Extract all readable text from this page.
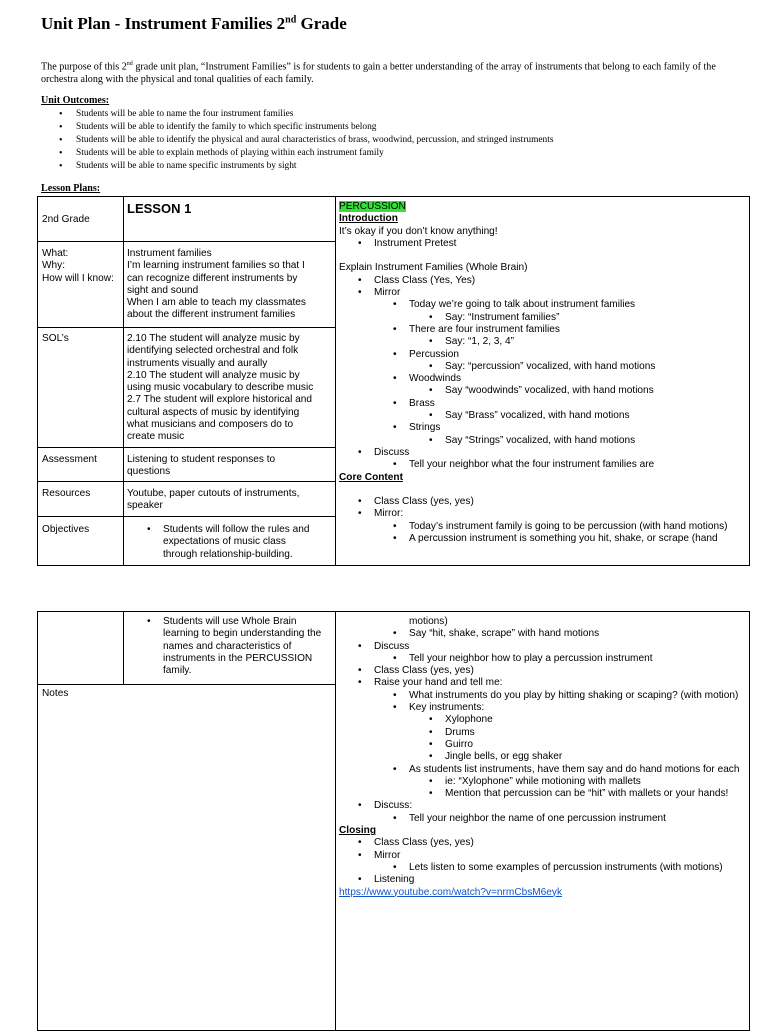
Unit Plan - Instrument Families 2nd Grade
The purpose of this 2nd grade unit plan, “Instrument Families” is for students to gain a better understanding of the array of instruments that belong to each family of the orchestra along with the physical and tonal qualities of each family.
Unit Outcomes:
• Students will be able to name the four instrument families
• Students will be able to identify the family to which specific instruments belong
• Students will be able to identify the physical and aural characteristics of brass, woodwind, percussion, and stringed instruments
• Students will be able to explain methods of playing within each instrument family
• Students will be able to name specific instruments by sight
Lesson Plans:
2nd Grade
LESSON 1
What:
Why:
How will I know:
Instrument families
I’m learning instrument families so that I
can recognize different instruments by
sight and sound
When I am able to teach my classmates
about the different instrument families
SOL’s	2.10 The student will analyze music by
identifying selected orchestral and folk
instruments visually and aurally
2.10 The student will analyze music by
using music vocabulary to describe music
2.7 The student will explore historical and
cultural aspects of music by identifying
what musicians and composers do to
create music
Assessment	Listening to student responses to
questions
Resources	Youtube, paper cutouts of instruments,
speaker
Objectives
•	Students will follow the rules and
expectations of music class
through relationship-building.
PERCUSSION
Introduction
It’s okay if you don’t know anything!
• Instrument Pretest
Explain Instrument Families (Whole Brain)
• Class Class (Yes, Yes)
• Mirror
• Today we’re going to talk about instrument families
• Say: “Instrument families”
• There are four instrument families
• Say: “1, 2, 3, 4”
• Percussion
• Say: “percussion” vocalized, with hand motions
• Woodwinds
• Say “woodwinds” vocalized, with hand motions
• Brass
• Say “Brass” vocalized, with hand motions
• Strings
• Say “Strings” vocalized, with hand motions
• Discuss
• Tell your neighbor what the four instrument families are
Core Content
• Class Class (yes, yes)
• Mirror:
• Today’s instrument family is going to be percussion (with hand motions)
• A percussion instrument is something you hit, shake, or scrape (hand
• Students will use Whole Brain
learning to begin understanding the
names and characteristics of
instruments in the PERCUSSION
family.
Notes
motions)
• Say “hit, shake, scrape” with hand motions
• Discuss
• Tell your neighbor how to play a percussion instrument
• Class Class (yes, yes)
• Raise your hand and tell me:
• What instruments do you play by hitting shaking or scaping? (with motion)
• Key instruments:
• Xylophone
• Drums
• Guirro
• Jingle bells, or egg shaker
• As students list instruments, have them say and do hand motions for each
• ie: “Xylophone” while motioning with mallets
• Mention that percussion can be “hit” with mallets or your hands!
• Discuss:
• Tell your neighbor the name of one percussion instrument
Closing
• Class Class (yes, yes)
• Mirror
• Lets listen to some examples of percussion instruments (with motions)
• Listening
https://www.youtube.com/watch?v=nrmCbsM6eyk
